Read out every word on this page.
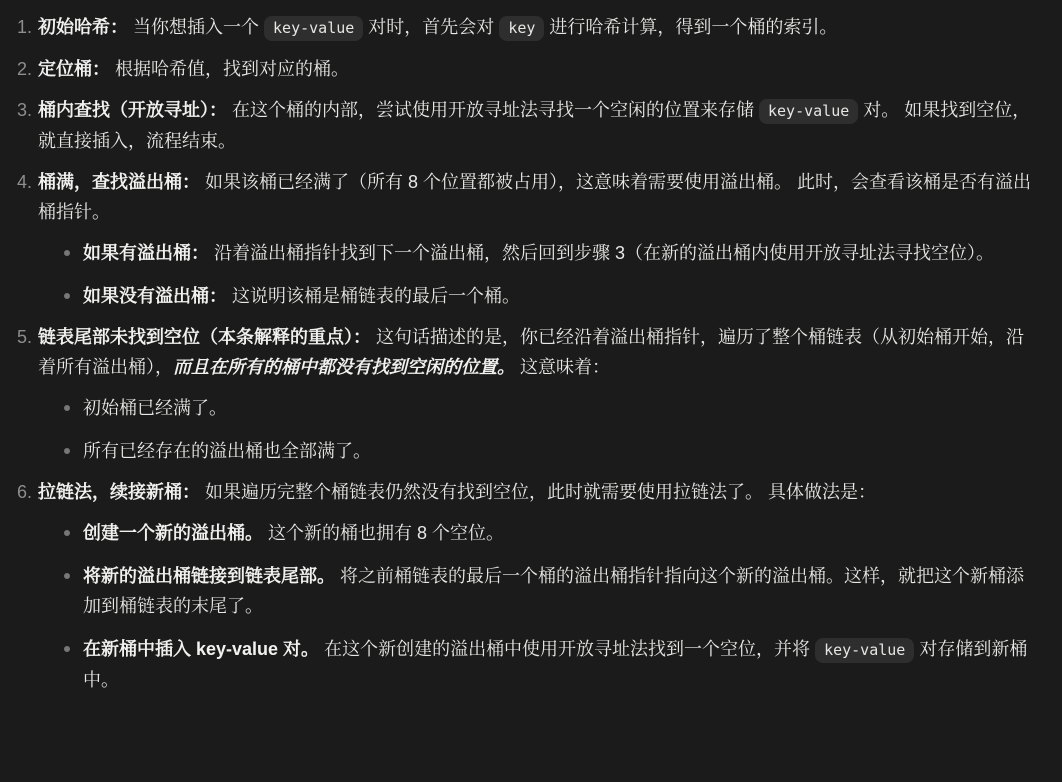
1. 初始哈希： 当你想插入一个 key-value 对时，首先会对 key 进行哈希计算，得到一个桶的索引。
2. 定位桶： 根据哈希值，找到对应的桶。
3. 桶内查找（开放寻址）： 在这个桶的内部，尝试使用开放寻址法寻找一个空闲的位置来存储 key-value 对。 如果找到空位，就直接插入，流程结束。
4. 桶满，查找溢出桶： 如果该桶已经满了（所有 8 个位置都被占用），这意味着需要使用溢出桶。 此时，会查看该桶是否有溢出桶指针。
如果有溢出桶： 沿着溢出桶指针找到下一个溢出桶，然后回到步骤 3（在新的溢出桶内使用开放寻址法寻找空位）。
如果没有溢出桶： 这说明该桶是桶链表的最后一个桶。
5. 链表尾部未找到空位（本条解释的重点）： 这句话描述的是，你已经沿着溢出桶指针，遍历了整个桶链表（从初始桶开始，沿着所有溢出桶），而且在所有的桶中都没有找到空闲的位置。 这意味着：
初始桶已经满了。
所有已经存在的溢出桶也全部满了。
6. 拉链法，续接新桶： 如果遍历完整个桶链表仍然没有找到空位，此时就需要使用拉链法了。 具体做法是：
创建一个新的溢出桶。 这个新的桶也拥有 8 个空位。
将新的溢出桶链接到链表尾部。 将之前桶链表的最后一个桶的溢出桶指针指向这个新的溢出桶。这样，就把这个新桶添加到桶链表的末尾了。
在新桶中插入 key-value 对。 在这个新创建的溢出桶中使用开放寻址法找到一个空位，并将 key-value 对存储到新桶中。
